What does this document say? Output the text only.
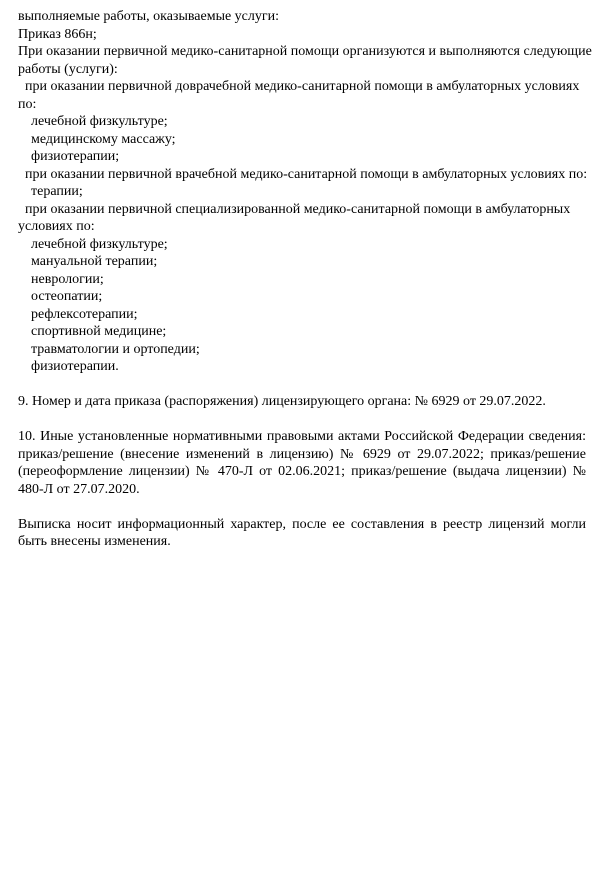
выполняемые работы, оказываемые услуги:
Приказ 866н;
При оказании первичной медико-санитарной помощи организуются и выполняются следующие
работы (услуги):
при оказании первичной доврачебной медико-санитарной помощи в амбулаторных условиях
по:
лечебной физкультуре;
медицинскому массажу;
физиотерапии;
при оказании первичной врачебной медико-санитарной помощи в амбулаторных условиях по:
терапии;
при оказании первичной специализированной медико-санитарной помощи в амбулаторных
условиях по:
лечебной физкультуре;
мануальной терапии;
неврологии;
остеопатии;
рефлексотерапии;
спортивной медицине;
травматологии и ортопедии;
физиотерапии.
9. Номер и дата приказа (распоряжения) лицензирующего органа: № 6929 от 29.07.2022.
10. Иные установленные нормативными правовыми актами Российской Федерации сведения: приказ/решение (внесение изменений в лицензию) № 6929 от 29.07.2022; приказ/решение (переоформление лицензии) № 470-Л от 02.06.2021; приказ/решение (выдача лицензии) № 480-Л от 27.07.2020.
Выписка носит информационный характер, после ее составления в реестр лицензий могли быть внесены изменения.
